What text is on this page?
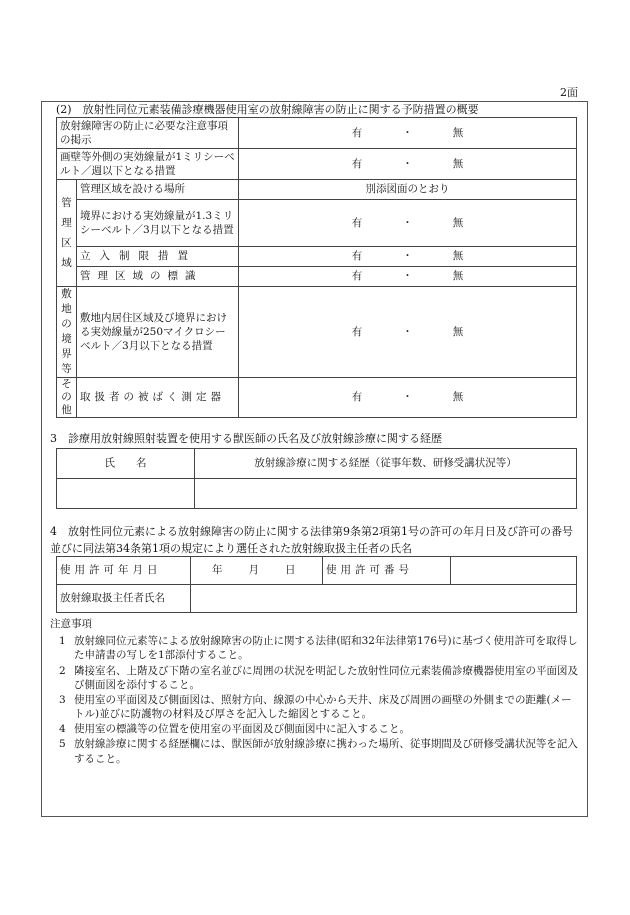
2面
(2)　放射性同位元素装備診療機器使用室の放射線障害の防止に関する予防措置の概要
放射線障害の防止に必要な注意事項の掲示		有 ・ 無
画壁等外側の実効線量が1ミリシーベルト／週以下となる措置		有 ・ 無

管理区域	管理区域を設ける場所	別添図面のとおり
	境界における実効線量が1.3ミリシーベルト／3月以下となる措置	有 ・ 無
	立入制限措置	有 ・ 無
	管理区域の標識	有 ・ 無

敷地の境界等	敷地内居住区域及び境界における実効線量が250マイクロシーベルト／3月以下となる措置	有 ・ 無

その他	取扱者の被ばく測定器	有 ・ 無
3　診療用放射線照射装置を使用する獣医師の氏名及び放射線診療に関する経歴
氏　　名	放射線診療に関する経歴（従事年数、研修受講状況等）

4　放射性同位元素による放射線障害の防止に関する法律第9条第2項第1号の許可の年月日及び許可の番号並びに同法第34条第1項の規定により選任された放射線取扱主任者の氏名
使用許可年月日	年 月 日	使用許可番号	
放射線取扱主任者氏名			
注意事項
1 放射線同位元素等による放射線障害の防止に関する法律(昭和32年法律第176号)に基づく使用許可を取得した申請書の写しを1部添付すること。
2 隣接室名、上階及び下階の室名並びに周囲の状況を明記した放射性同位元素装備診療機器使用室の平面図及び側面図を添付すること。
3 使用室の平面図及び側面図は、照射方向、線源の中心から天井、床及び周囲の画壁の外側までの距離(メートル)並びに防護物の材料及び厚さを記入した縮図とすること。
4 使用室の標識等の位置を使用室の平面図及び側面図中に記入すること。
5 放射線診療に関する経歴欄には、獣医師が放射線診療に携わった場所、従事期間及び研修受講状況等を記入すること。
